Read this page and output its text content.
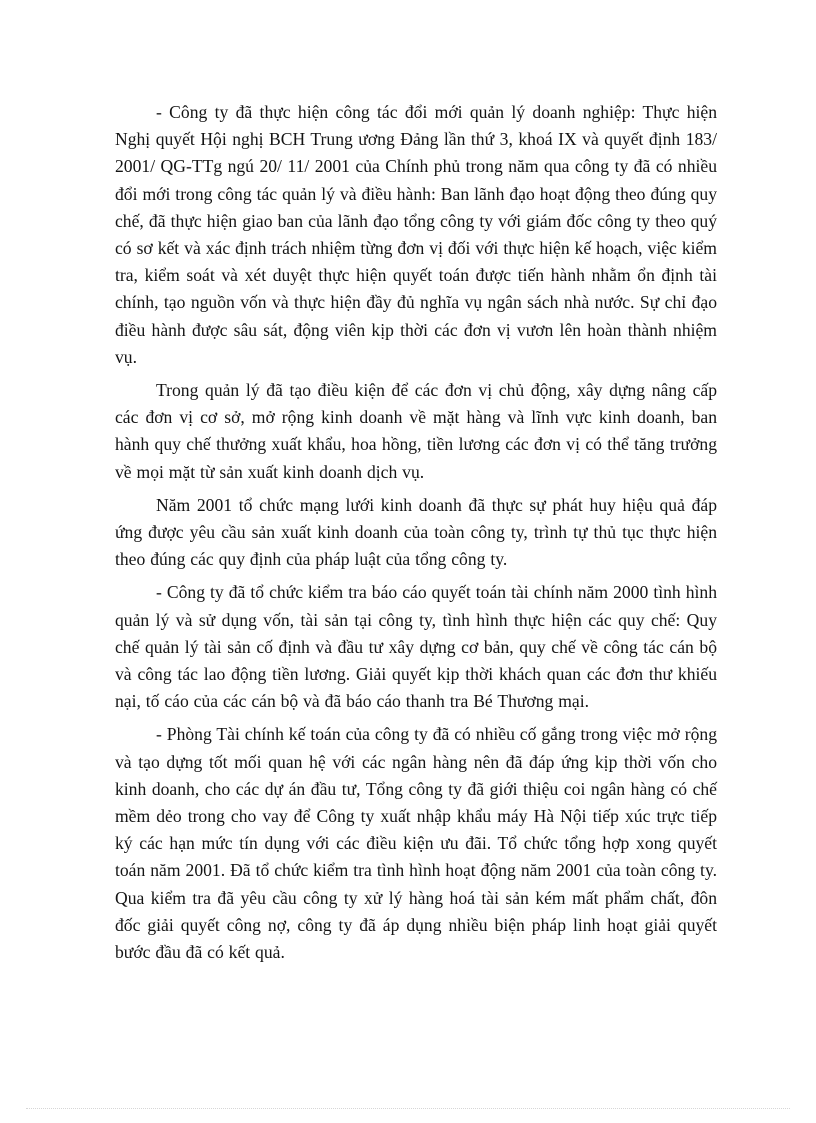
- Công ty đã thực hiện công tác đổi mới quản lý doanh nghiệp: Thực hiện Nghị quyết Hội nghị BCH Trung ương Đảng lần thứ 3, khoá IX và quyết định 183/ 2001/ QG-TTg ngú 20/ 11/ 2001 của Chính phủ trong năm qua công ty đã có nhiều đổi mới trong công tác quản lý và điều hành: Ban lãnh đạo hoạt động theo đúng quy chế, đã thực hiện giao ban của lãnh đạo tổng công ty với giám đốc công ty theo quý có sơ kết và xác định trách nhiệm từng đơn vị đối với thực hiện kế hoạch, việc kiểm tra, kiểm soát và xét duyệt thực hiện quyết toán được tiến hành nhằm ổn định tài chính, tạo nguồn vốn và thực hiện đầy đủ nghĩa vụ ngân sách nhà nước. Sự chỉ đạo điều hành được sâu sát, động viên kịp thời các đơn vị vươn lên hoàn thành nhiệm vụ.

Trong quản lý đã tạo điều kiện để các đơn vị chủ động, xây dựng nâng cấp các đơn vị cơ sở, mở rộng kinh doanh về mặt hàng và lĩnh vực kinh doanh, ban hành quy chế thưởng xuất khẩu, hoa hồng, tiền lương các đơn vị có thể tăng trưởng về mọi mặt từ sản xuất kinh doanh dịch vụ.

Năm 2001 tổ chức mạng lưới kinh doanh đã thực sự phát huy hiệu quả đáp ứng được yêu cầu sản xuất kinh doanh của toàn công ty, trình tự thủ tục thực hiện theo đúng các quy định của pháp luật của tổng công ty.

- Công ty đã tổ chức kiểm tra báo cáo quyết toán tài chính năm 2000 tình hình quản lý và sử dụng vốn, tài sản tại công ty, tình hình thực hiện các quy chế: Quy chế quản lý tài sản cố định và đầu tư xây dựng cơ bản, quy chế về công tác cán bộ và công tác lao động tiền lương. Giải quyết kịp thời khách quan các đơn thư khiếu nại, tố cáo của các cán bộ và đã báo cáo thanh tra Bé Thương mại.

- Phòng Tài chính kế toán của công ty đã có nhiều cố gắng trong việc mở rộng và tạo dựng tốt mối quan hệ với các ngân hàng nên đã đáp ứng kịp thời vốn cho kinh doanh, cho các dự án đầu tư, Tổng công ty đã giới thiệu coi ngân hàng có chế mềm dẻo trong cho vay để Công ty xuất nhập khẩu máy Hà Nội tiếp xúc trực tiếp ký các hạn mức tín dụng với các điều kiện ưu đãi. Tổ chức tổng hợp xong quyết toán năm 2001. Đã tổ chức kiểm tra tình hình hoạt động năm 2001 của toàn công ty. Qua kiểm tra đã yêu cầu công ty xử lý hàng hoá tài sản kém mất phẩm chất, đôn đốc giải quyết công nợ, công ty đã áp dụng nhiều biện pháp linh hoạt giải quyết bước đầu đã có kết quả.
